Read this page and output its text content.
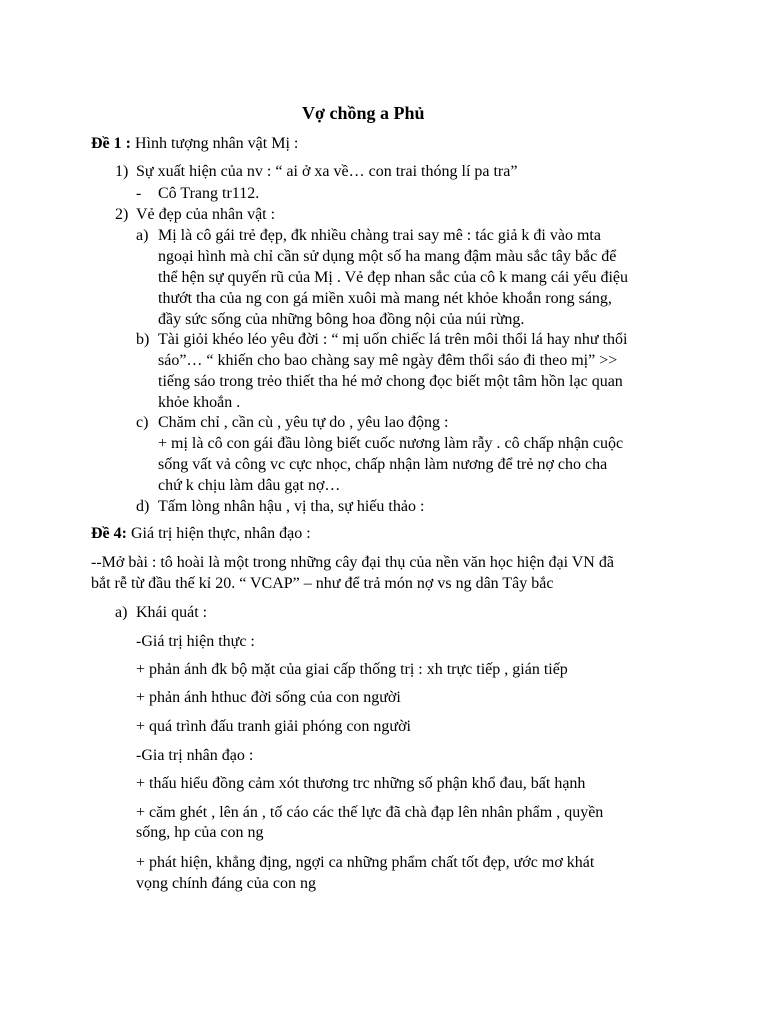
Vợ chồng a Phủ
Đề 1 : Hình tượng nhân vật Mị :
1) Sự xuất hiện của nv : “ ai ở xa về… con trai thóng lí pa tra”
- Cô Trang tr112.
2) Vẻ đẹp của nhân vật :
a) Mị là cô gái trẻ đẹp, đk nhiều chàng trai say mê : tác giả k đi vào mta
ngoại hình mà chỉ cần sử dụng một số ha mang đậm màu sắc tây bắc để
thể hện sự quyến rũ của Mị . Vẻ đẹp nhan sắc của cô k mang cái yểu điệu
thướt tha của ng con gá miền xuôi mà mang nét khỏe khoắn rong sáng,
đầy sức sống của những bông hoa đồng nội của núi rừng.
b) Tài giỏi khéo léo yêu đời : “ mị uốn chiếc lá trên môi thổi lá hay như thổi
sáo”… “ khiến cho bao chàng say mê ngày đêm thổi sáo đi theo mị” >>
tiếng sáo trong trẻo thiết tha hé mở chong đọc biết một tâm hồn lạc quan
khỏe khoắn .
c) Chăm chỉ , cần cù , yêu tự do , yêu lao động :
+ mị là cô con gái đầu lòng biết cuốc nương làm rẫy . cô chấp nhận cuộc
sống vất vả công vc cực nhọc, chấp nhận làm nương để trẻ nợ cho cha
chứ k chịu làm dâu gạt nợ…
d) Tấm lòng nhân hậu , vị tha, sự hiếu thảo :
Đề 4: Giá trị hiện thực, nhân đạo :
--Mở bài : tô hoài là một trong những cây đại thụ của nền văn học hiện đại VN đã
bắt rễ từ đầu thế kỉ 20. “ VCAP” – như để trả món nợ vs ng dân Tây bắc
a) Khái quát :
-Giá trị hiện thực :
+ phản ánh đk bộ mặt của giai cấp thống trị : xh trực tiếp , gián tiếp
+ phản ánh hthuc đời sống của con người
+ quá trình đấu tranh giải phóng con người
-Gia trị nhân đạo :
+ thấu hiểu đồng cảm xót thương trc những số phận khổ đau, bất hạnh
+ căm ghét , lên án , tố cáo các thế lực đã chà đạp lên nhân phẩm , quyền
sống, hp của con ng
+ phát hiện, khẳng địng, ngợi ca những phẩm chất tốt đẹp, ước mơ khát
vọng chính đáng của con ng
